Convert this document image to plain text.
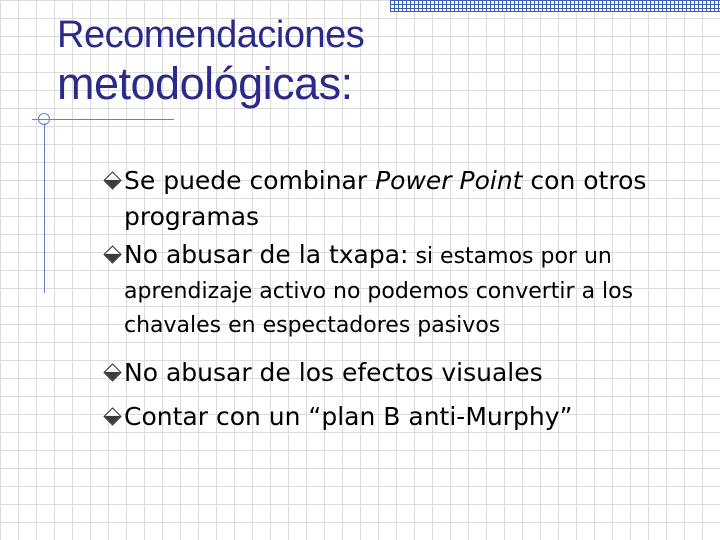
Recomendaciones
metodológicas:
Se puede combinar Power Point con otros programas
No abusar de la txapa: si estamos por un
aprendizaje activo no podemos convertir a los chavales en espectadores pasivos
No abusar de los efectos visuales
Contar con un “plan B anti-Murphy”
